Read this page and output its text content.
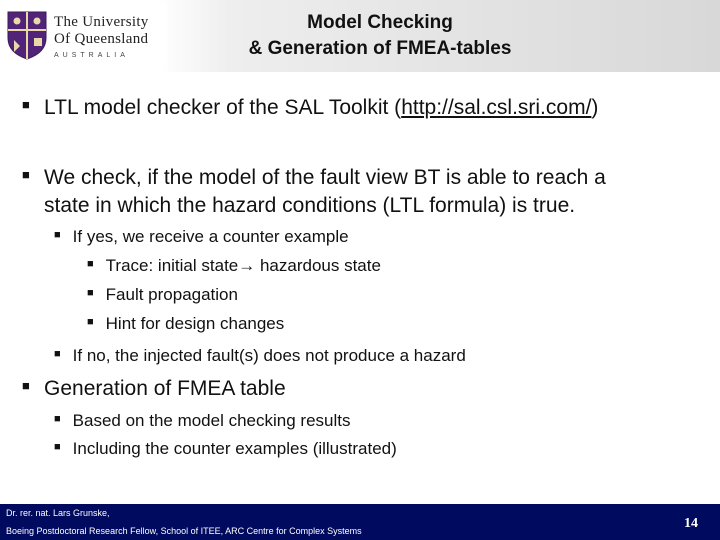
The University
Of Queensland
AUSTRALIA
Model Checking
& Generation of FMEA-tables
■ LTL model checker of the SAL Toolkit (http://sal.csl.sri.com/)
■ We check, if the model of the fault view BT is able to reach a
state in which the hazard conditions (LTL formula) is true.
■ If yes, we receive a counter example
■ Trace: initial state→ hazardous state
■ Fault propagation
■ Hint for design changes
■ If no, the injected fault(s) does not produce a hazard
■ Generation of FMEA table
■ Based on the model checking results
■ Including the counter examples (illustrated)
Dr. rer. nat. Lars Grunske,
Boeing Postdoctoral Research Fellow, School of ITEE, ARC Centre for Complex Systems	14
